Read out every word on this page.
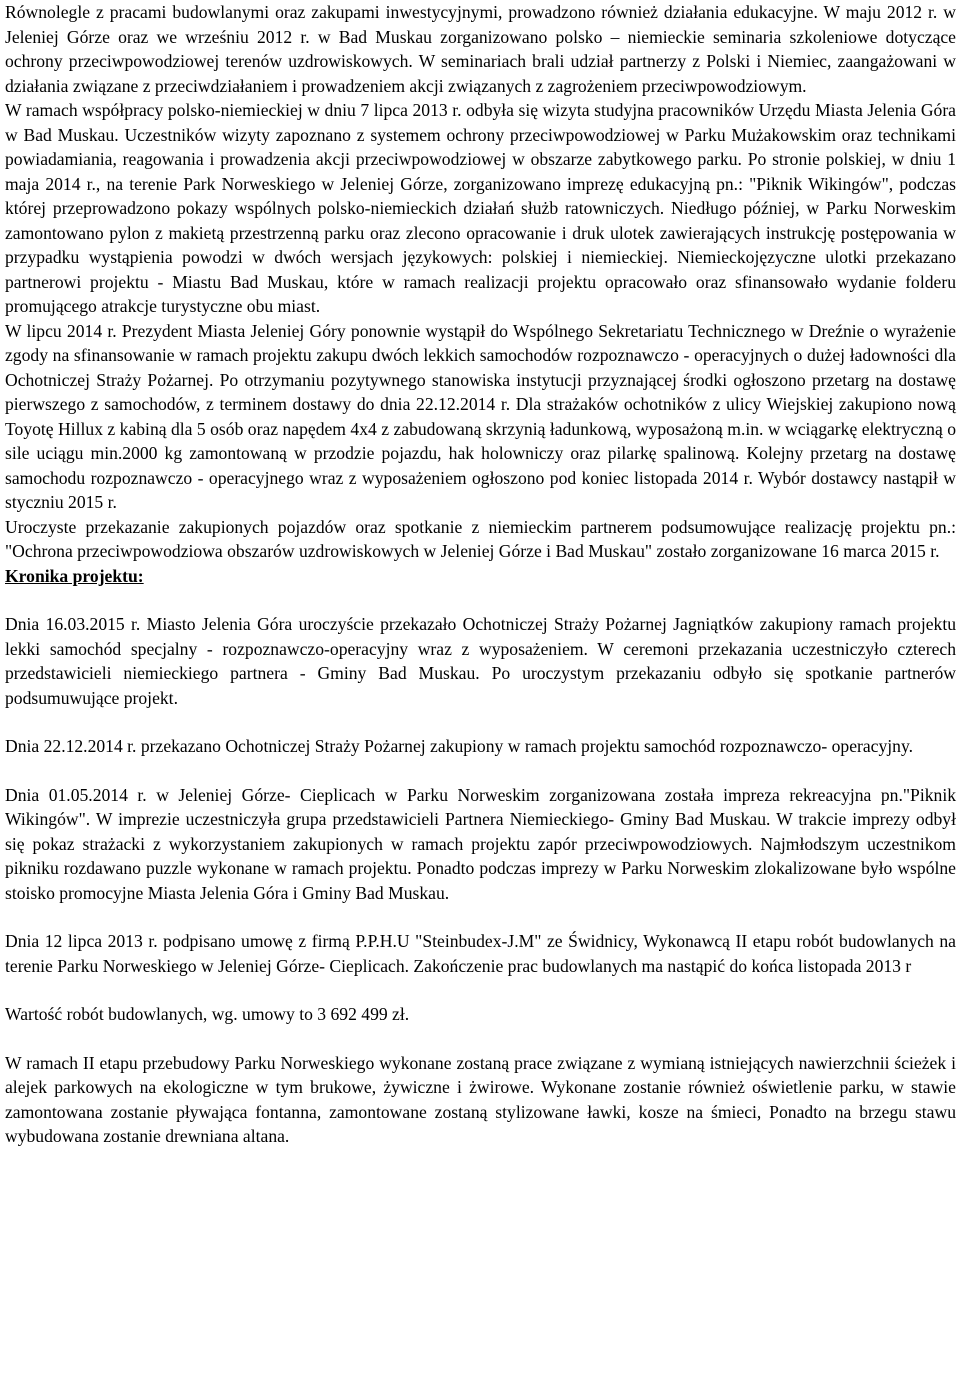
Równolegle z pracami budowlanymi oraz zakupami inwestycyjnymi, prowadzono również działania edukacyjne. W maju 2012 r. w Jeleniej Górze oraz we wrześniu 2012 r. w Bad Muskau zorganizowano polsko – niemieckie seminaria szkoleniowe dotyczące ochrony przeciwpowodziowej terenów uzdrowiskowych. W seminariach brali udział partnerzy z Polski i Niemiec, zaangażowani w działania związane z przeciwdziałaniem i prowadzeniem akcji związanych z zagrożeniem przeciwpowodziowym.

W ramach współpracy polsko-niemieckiej w dniu 7 lipca 2013 r. odbyła się wizyta studyjna pracowników Urzędu Miasta Jelenia Góra w Bad Muskau. Uczestników wizyty zapoznano z systemem ochrony przeciwpowodziowej w Parku Mużakowskim oraz technikami powiadamiania, reagowania i prowadzenia akcji przeciwpowodziowej w obszarze zabytkowego parku. Po stronie polskiej, w dniu 1 maja 2014 r., na terenie Park Norweskiego w Jeleniej Górze, zorganizowano imprezę edukacyjną pn.: "Piknik Wikingów", podczas której przeprowadzono pokazy wspólnych polsko-niemieckich działań służb ratowniczych. Niedługo później, w Parku Norweskim zamontowano pylon z makietą przestrzenną parku oraz zlecono opracowanie i druk ulotek zawierających instrukcję postępowania w przypadku wystąpienia powodzi w dwóch wersjach językowych: polskiej i niemieckiej. Niemieckojęzyczne ulotki przekazano partnerowi projektu - Miastu Bad Muskau, które w ramach realizacji projektu opracowało oraz sfinansowało wydanie folderu promującego atrakcje turystyczne obu miast.

W lipcu 2014 r. Prezydent Miasta Jeleniej Góry ponownie wystąpił do Wspólnego Sekretariatu Technicznego w Dreźnie o wyrażenie zgody na sfinansowanie w ramach projektu zakupu dwóch lekkich samochodów rozpoznawczo - operacyjnych o dużej ładowności dla Ochotniczej Straży Pożarnej. Po otrzymaniu pozytywnego stanowiska instytucji przyznającej środki ogłoszono przetarg na dostawę pierwszego z samochodów, z terminem dostawy do dnia 22.12.2014 r. Dla strażaków ochotników z ulicy Wiejskiej zakupiono nową Toyotę Hillux z kabiną dla 5 osób oraz napędem 4x4 z zabudowaną skrzynią ładunkową, wyposażoną m.in. w wciągarkę elektryczną o sile uciągu min.2000 kg zamontowaną w przodzie pojazdu, hak holowniczy oraz pilarkę spalinową. Kolejny przetarg na dostawę samochodu rozpoznawczo - operacyjnego wraz z wyposażeniem ogłoszono pod koniec listopada 2014 r. Wybór dostawcy nastąpił w styczniu 2015 r.

Uroczyste przekazanie zakupionych pojazdów oraz spotkanie z niemieckim partnerem podsumowujące realizację projektu pn.: "Ochrona przeciwpowodziowa obszarów uzdrowiskowych w Jeleniej Górze i Bad Muskau" zostało zorganizowane 16 marca 2015 r.

Kronika projektu:

Dnia 16.03.2015 r. Miasto Jelenia Góra uroczyście przekazało Ochotniczej Straży Pożarnej Jagniątków zakupiony ramach projektu lekki samochód specjalny - rozpoznawczo-operacyjny wraz z wyposażeniem. W ceremoni przekazania uczestniczyło czterech przedstawicieli niemieckiego partnera - Gminy Bad Muskau. Po uroczystym przekazaniu odbyło się spotkanie partnerów podsumuwujące projekt.

Dnia 22.12.2014 r. przekazano Ochotniczej Straży Pożarnej zakupiony w ramach projektu samochód rozpoznawczo- operacyjny.

Dnia 01.05.2014 r. w Jeleniej Górze- Cieplicach w Parku Norweskim zorganizowana została impreza rekreacyjna pn."Piknik Wikingów". W imprezie uczestniczyła grupa przedstawicieli Partnera Niemieckiego- Gminy Bad Muskau. W trakcie imprezy odbył się pokaz strażacki z wykorzystaniem zakupionych w ramach projektu zapór przeciwpowodziowych. Najmłodszym uczestnikom pikniku rozdawano puzzle wykonane w ramach projektu. Ponadto podczas imprezy w Parku Norweskim zlokalizowane było wspólne stoisko promocyjne Miasta Jelenia Góra i Gminy Bad Muskau.

Dnia 12 lipca 2013 r. podpisano umowę z firmą P.P.H.U "Steinbudex-J.M" ze Świdnicy, Wykonawcą II etapu robót budowlanych na terenie Parku Norweskiego w Jeleniej Górze- Cieplicach. Zakończenie prac budowlanych ma nastąpić do końca listopada 2013 r

Wartość robót budowlanych, wg. umowy to 3 692 499 zł.

W ramach II etapu przebudowy Parku Norweskiego wykonane zostaną prace związane z wymianą istniejących nawierzchnii ścieżek i alejek parkowych na ekologiczne w tym brukowe, żywiczne i żwirowe. Wykonane zostanie również oświetlenie parku, w stawie zamontowana zostanie pływająca fontanna, zamontowane zostaną stylizowane ławki, kosze na śmieci, Ponadto na brzegu stawu wybudowana zostanie drewniana altana.
